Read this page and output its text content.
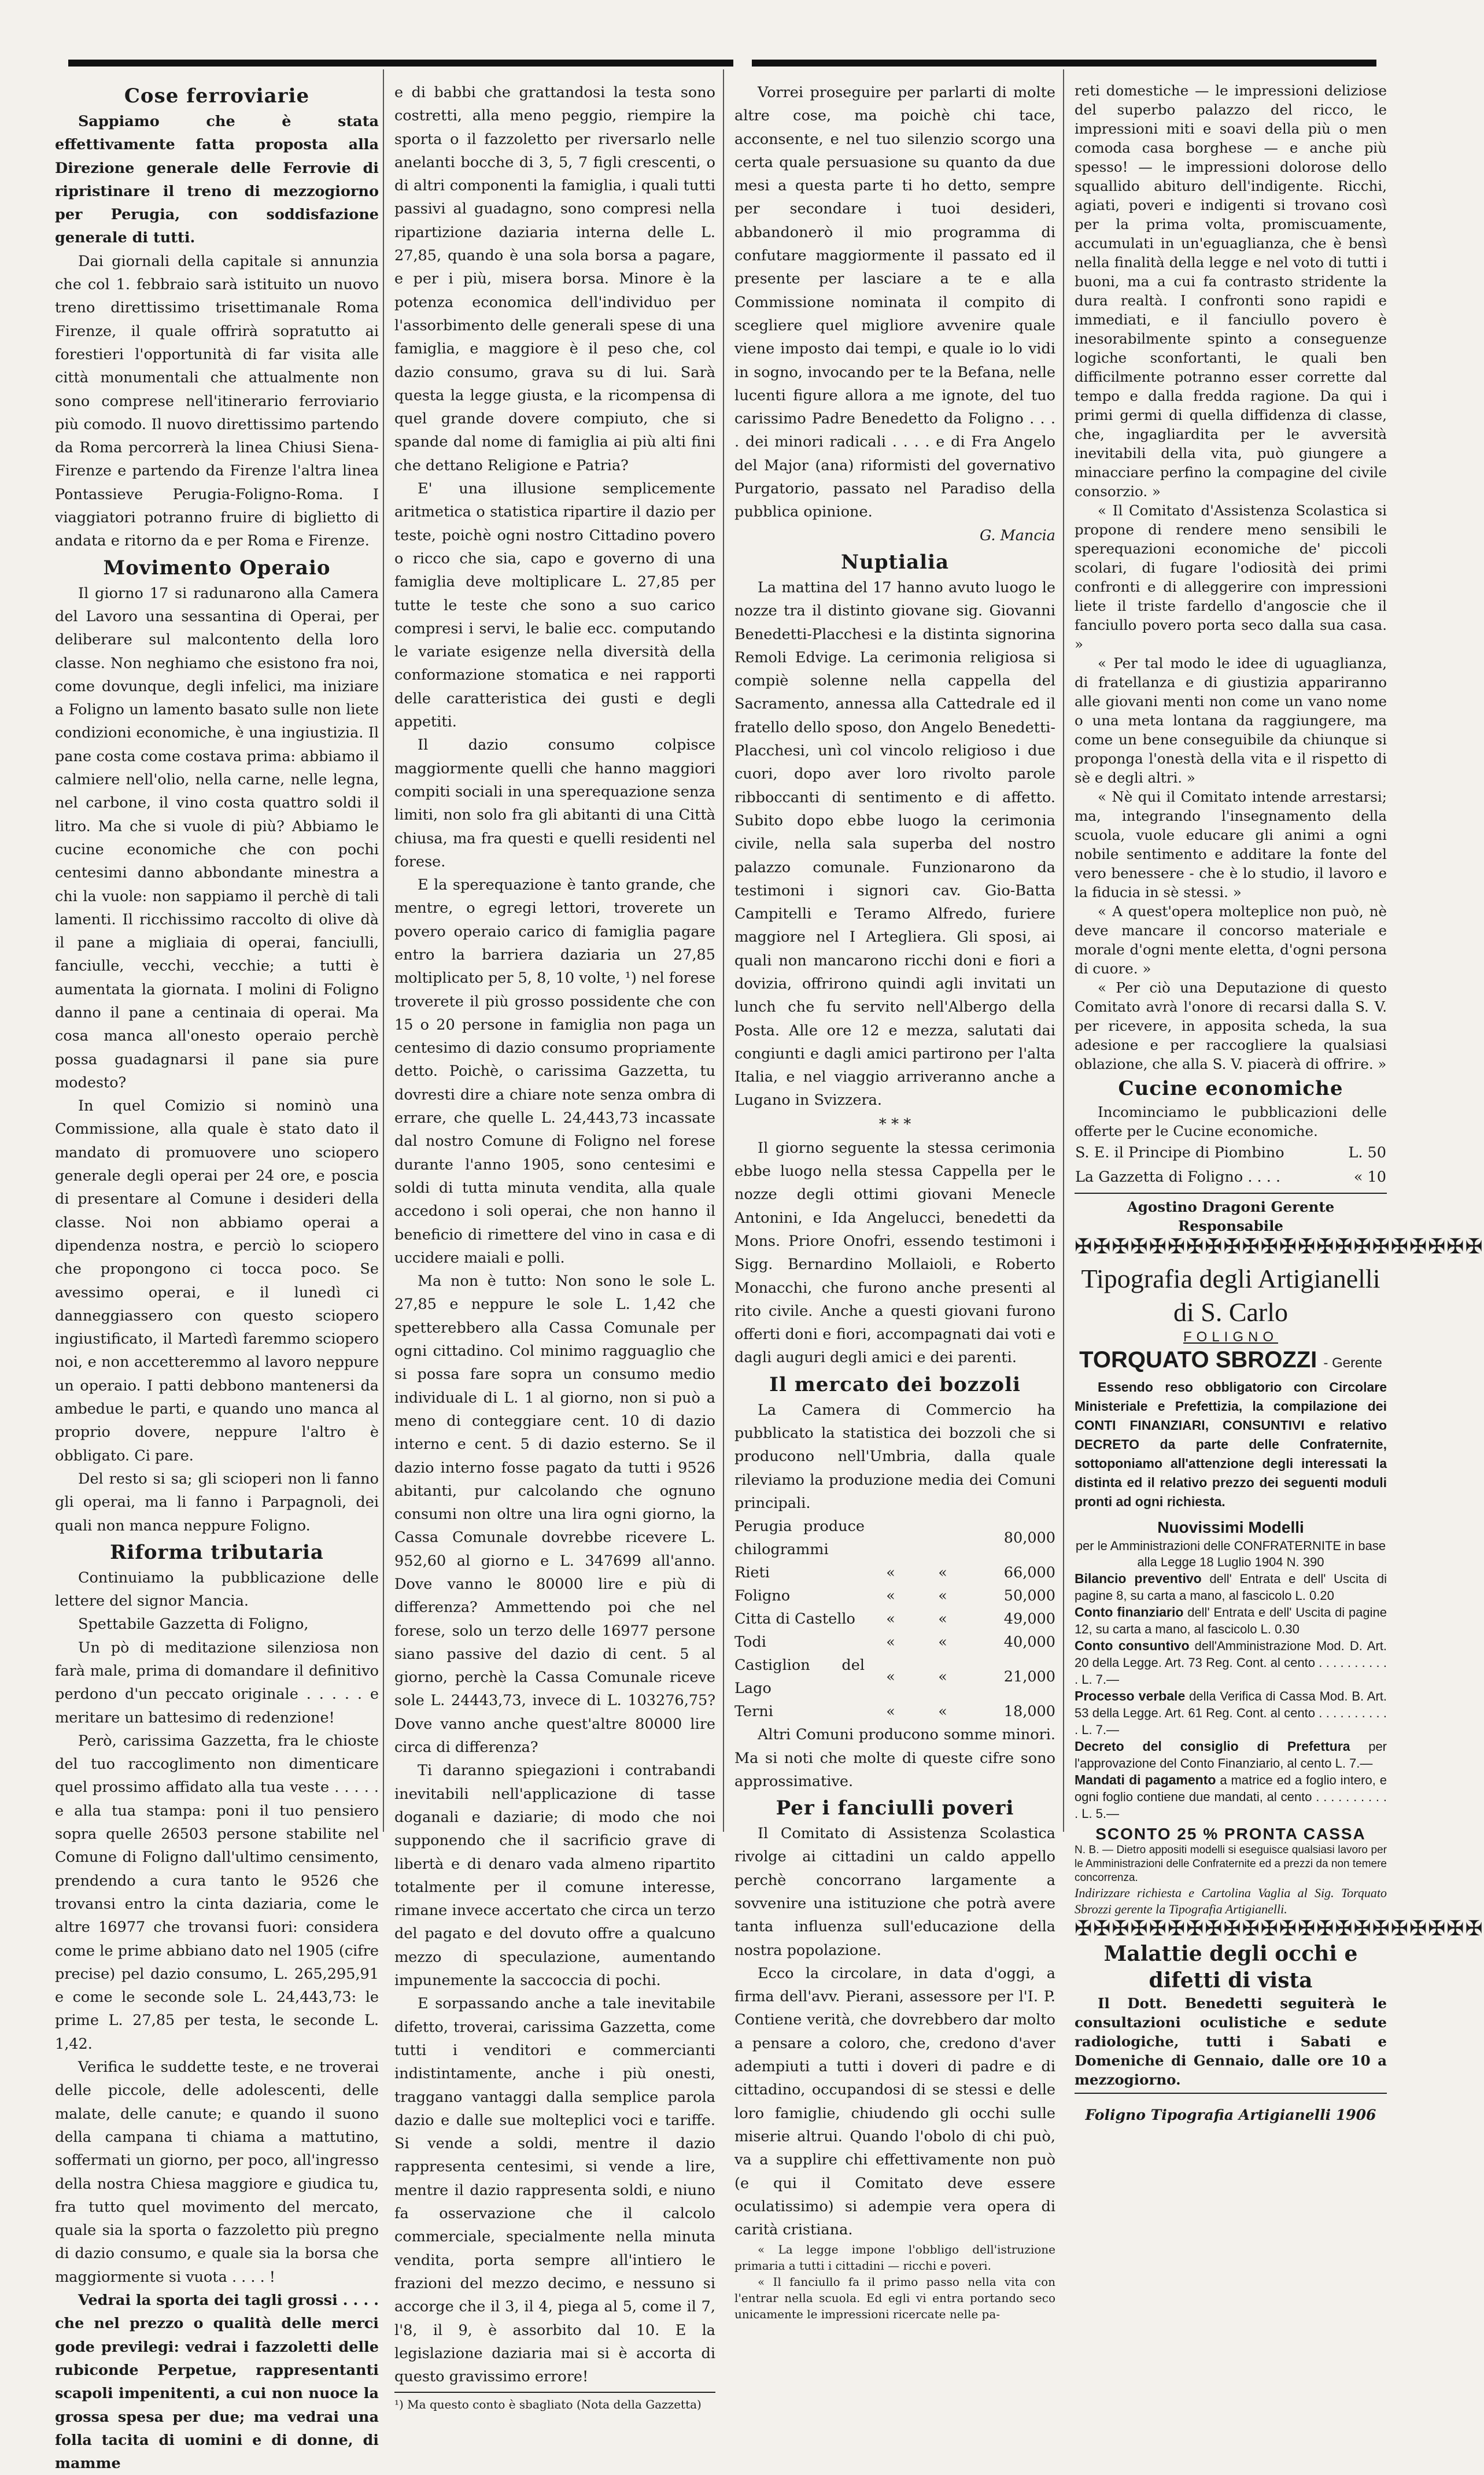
Cose ferroviarie

Sappiamo che è stata effettivamente fatta proposta alla Direzione generale delle Ferrovie di ripristinare il treno di mezzogiorno per Perugia, con soddisfazione generale di tutti.

Dai giornali della capitale si annunzia che col 1. febbraio sarà istituito un nuovo treno direttissimo trisettimanale Roma Firenze, il quale offrirà sopratutto ai forestieri l'opportunità di far visita alle città monumentali che attualmente non sono comprese nell'itinerario ferroviario più comodo. Il nuovo direttissimo partendo da Roma percorrerà la linea Chiusi Siena-Firenze e partendo da Firenze l'altra linea Pontassieve Perugia-Foligno-Roma. I viaggiatori potranno fruire di biglietto di andata e ritorno da e per Roma e Firenze.

Movimento Operaio

Il giorno 17 si radunarono alla Camera del Lavoro una sessantina di Operai, per deliberare sul malcontento della loro classe. Non neghiamo che esistono fra noi, come dovunque, degli infelici, ma iniziare a Foligno un lamento basato sulle non liete condizioni economiche, è una ingiustizia. Il pane costa come costava prima: abbiamo il calmiere nell'olio, nella carne, nelle legna, nel carbone, il vino costa quattro soldi il litro. Ma che si vuole di più? Abbiamo le cucine economiche che con pochi centesimi danno abbondante minestra a chi la vuole: non sappiamo il perchè di tali lamenti. Il ricchissimo raccolto di olive dà il pane a migliaia di operai, fanciulli, fanciulle, vecchi, vecchie; a tutti è aumentata la giornata. I molini di Foligno danno il pane a centinaia di operai. Ma cosa manca all'onesto operaio perchè possa guadagnarsi il pane sia pure modesto?

In quel Comizio si nominò una Commissione, alla quale è stato dato il mandato di promuovere uno sciopero generale degli operai per 24 ore, e poscia di presentare al Comune i desideri della classe. Noi non abbiamo operai a dipendenza nostra, e perciò lo sciopero che propongono ci tocca poco. Se avessimo operai, e il lunedì ci danneggiassero con questo sciopero ingiustificato, il Martedì faremmo sciopero noi, e non accetteremmo al lavoro neppure un operaio. I patti debbono mantenersi da ambedue le parti, e quando uno manca al proprio dovere, neppure l'altro è obbligato. Ci pare.

Del resto si sa; gli scioperi non li fanno gli operai, ma li fanno i Parpagnoli, dei quali non manca neppure Foligno.

Riforma tributaria

Continuiamo la pubblicazione delle lettere del signor Mancia.

Spettabile Gazzetta di Foligno,

Un pò di meditazione silenziosa non farà male, prima di domandare il definitivo perdono d'un peccato originale . . . . . e meritare un battesimo di redenzione!

Però, carissima Gazzetta, fra le chioste del tuo raccoglimento non dimenticare quel prossimo affidato alla tua veste . . . . . e alla tua stampa: poni il tuo pensiero sopra quelle 26503 persone stabilite nel Comune di Foligno dall'ultimo censimento, prendendo a cura tanto le 9526 che trovansi entro la cinta daziaria, come le altre 16977 che trovansi fuori: considera come le prime abbiano dato nel 1905 (cifre precise) pel dazio consumo, L. 265,295,91 e come le seconde sole L. 24,443,73: le prime L. 27,85 per testa, le seconde L. 1,42.

Verifica le suddette teste, e ne troverai delle piccole, delle adolescenti, delle malate, delle canute; e quando il suono della campana ti chiama a mattutino, soffermati un giorno, per poco, all'ingresso della nostra Chiesa maggiore e giudica tu, fra tutto quel movimento del mercato, quale sia la sporta o fazzoletto più pregno di dazio consumo, e quale sia la borsa che maggiormente si vuota . . . . !

Vedrai la sporta dei tagli grossi . . . . che nel prezzo o qualità delle merci gode previlegi: vedrai i fazzoletti delle rubiconde Perpetue, rappresentanti scapoli impenitenti, a cui non nuoce la grossa spesa per due; ma vedrai una folla tacita di uomini e di donne, di mamme

e di babbi che grattandosi la testa sono costretti, alla meno peggio, riempire la sporta o il fazzoletto per riversarlo nelle anelanti bocche di 3, 5, 7 figli crescenti, o di altri componenti la famiglia, i quali tutti passivi al guadagno, sono compresi nella ripartizione daziaria interna delle L. 27,85, quando è una sola borsa a pagare, e per i più, misera borsa. Minore è la potenza economica dell'individuo per l'assorbimento delle generali spese di una famiglia, e maggiore è il peso che, col dazio consumo, grava su di lui. Sarà questa la legge giusta, e la ricompensa di quel grande dovere compiuto, che si spande dal nome di famiglia ai più alti fini che dettano Religione e Patria?

E' una illusione semplicemente aritmetica o statistica ripartire il dazio per teste, poichè ogni nostro Cittadino povero o ricco che sia, capo e governo di una famiglia deve moltiplicare L. 27,85 per tutte le teste che sono a suo carico compresi i servi, le balie ecc. computando le variate esigenze nella diversità della conformazione stomatica e nei rapporti delle caratteristica dei gusti e degli appetiti.

Il dazio consumo colpisce maggiormente quelli che hanno maggiori compiti sociali in una sperequazione senza limiti, non solo fra gli abitanti di una Città chiusa, ma fra questi e quelli residenti nel forese.

E la sperequazione è tanto grande, che mentre, o egregi lettori, troverete un povero operaio carico di famiglia pagare entro la barriera daziaria un 27,85 moltiplicato per 5, 8, 10 volte, ¹) nel forese troverete il più grosso possidente che con 15 o 20 persone in famiglia non paga un centesimo di dazio consumo propriamente detto. Poichè, o carissima Gazzetta, tu dovresti dire a chiare note senza ombra di errare, che quelle L. 24,443,73 incassate dal nostro Comune di Foligno nel forese durante l'anno 1905, sono centesimi e soldi di tutta minuta vendita, alla quale accedono i soli operai, che non hanno il beneficio di rimettere del vino in casa e di uccidere maiali e polli.

Ma non è tutto: Non sono le sole L. 27,85 e neppure le sole L. 1,42 che spetterebbero alla Cassa Comunale per ogni cittadino. Col minimo ragguaglio che si possa fare sopra un consumo medio individuale di L. 1 al giorno, non si può a meno di conteggiare cent. 10 di dazio interno e cent. 5 di dazio esterno. Se il dazio interno fosse pagato da tutti i 9526 abitanti, pur calcolando che ognuno consumi non oltre una lira ogni giorno, la Cassa Comunale dovrebbe ricevere L. 952,60 al giorno e L. 347699 all'anno. Dove vanno le 80000 lire e più di differenza? Ammettendo poi che nel forese, solo un terzo delle 16977 persone siano passive del dazio di cent. 5 al giorno, perchè la Cassa Comunale riceve sole L. 24443,73, invece di L. 103276,75? Dove vanno anche quest'altre 80000 lire circa di differenza?

Ti daranno spiegazioni i contrabandi inevitabili nell'applicazione di tasse doganali e daziarie; di modo che noi supponendo che il sacrificio grave di libertà e di denaro vada almeno ripartito totalmente per il comune interesse, rimane invece accertato che circa un terzo del pagato e del dovuto offre a qualcuno mezzo di speculazione, aumentando impunemente la saccoccia di pochi.

E sorpassando anche a tale inevitabile difetto, troverai, carissima Gazzetta, come tutti i venditori e commercianti indistintamente, anche i più onesti, traggano vantaggi dalla semplice parola dazio e dalle sue molteplici voci e tariffe. Si vende a soldi, mentre il dazio rappresenta centesimi, si vende a lire, mentre il dazio rappresenta soldi, e niuno fa osservazione che il calcolo commerciale, specialmente nella minuta vendita, porta sempre all'intiero le frazioni del mezzo decimo, e nessuno si accorge che il 3, il 4, piega al 5, come il 7, l'8, il 9, è assorbito dal 10. E la legislazione daziaria mai si è accorta di questo gravissimo errore!

¹) Ma questo conto è sbagliato (Nota della Gazzetta)

Vorrei proseguire per parlarti di molte altre cose, ma poichè chi tace, acconsente, e nel tuo silenzio scorgo una certa quale persuasione su quanto da due mesi a questa parte ti ho detto, sempre per secondare i tuoi desideri, abbandonerò il mio programma di confutare maggiormente il passato ed il presente per lasciare a te e alla Commissione nominata il compito di scegliere quel migliore avvenire quale viene imposto dai tempi, e quale io lo vidi in sogno, invocando per te la Befana, nelle lucenti figure allora a me ignote, del tuo carissimo Padre Benedetto da Foligno . . . . dei minori radicali . . . . e di Fra Angelo del Major (ana) riformisti del governativo Purgatorio, passato nel Paradiso della pubblica opinione.

G. Mancia

Nuptialia

La mattina del 17 hanno avuto luogo le nozze tra il distinto giovane sig. Giovanni Benedetti-Placchesi e la distinta signorina Remoli Edvige. La cerimonia religiosa si compiè solenne nella cappella del Sacramento, annessa alla Cattedrale ed il fratello dello sposo, don Angelo Benedetti-Placchesi, unì col vincolo religioso i due cuori, dopo aver loro rivolto parole ribboccanti di sentimento e di affetto. Subito dopo ebbe luogo la cerimonia civile, nella sala superba del nostro palazzo comunale. Funzionarono da testimoni i signori cav. Gio-Batta Campitelli e Teramo Alfredo, furiere maggiore nel I Artegliera. Gli sposi, ai quali non mancarono ricchi doni e fiori a dovizia, offrirono quindi agli invitati un lunch che fu servito nell'Albergo della Posta. Alle ore 12 e mezza, salutati dai congiunti e dagli amici partirono per l'alta Italia, e nel viaggio arriveranno anche a Lugano in Svizzera.

* * *

Il giorno seguente la stessa cerimonia ebbe luogo nella stessa Cappella per le nozze degli ottimi giovani Menecle Antonini, e Ida Angelucci, benedetti da Mons. Priore Onofri, essendo testimoni i Sigg. Bernardino Mollaioli, e Roberto Monacchi, che furono anche presenti al rito civile. Anche a questi giovani furono offerti doni e fiori, accompagnati dai voti e dagli auguri degli amici e dei parenti.

Il mercato dei bozzoli

La Camera di Commercio ha pubblicato la statistica dei bozzoli che si producono nell'Umbria, dalla quale rileviamo la produzione media dei Comuni principali.

Perugia produce chilogrammi			80,000
Rieti	«	«	66,000
Foligno	«	«	50,000
Citta di Castello	«	«	49,000
Todi	«	«	40,000
Castiglion del Lago	«	«	21,000
Terni	«	«	18,000

Altri Comuni producono somme minori. Ma si noti che molte di queste cifre sono approssimative.

Per i fanciulli poveri

Il Comitato di Assistenza Scolastica rivolge ai cittadini un caldo appello perchè concorrano largamente a sovvenire una istituzione che potrà avere tanta influenza sull'educazione della nostra popolazione.

Ecco la circolare, in data d'oggi, a firma dell'avv. Pierani, assessore per l'I. P. Contiene verità, che dovrebbero dar molto a pensare a coloro, che, credono d'aver adempiuti a tutti i doveri di padre e di cittadino, occupandosi di se stessi e delle loro famiglie, chiudendo gli occhi sulle miserie altrui. Quando l'obolo di chi può, va a supplire chi effettivamente non può (e qui il Comitato deve essere oculatissimo) si adempie vera opera di carità cristiana.

« La legge impone l'obbligo dell'istruzione primaria a tutti i cittadini — ricchi e poveri.

« Il fanciullo fa il primo passo nella vita con l'entrar nella scuola. Ed egli vi entra portando seco unicamente le impressioni ricercate nelle pa-

reti domestiche — le impressioni deliziose del superbo palazzo del ricco, le impressioni miti e soavi della più o men comoda casa borghese — e anche più spesso! — le impressioni dolorose dello squallido abituro dell'indigente. Ricchi, agiati, poveri e indigenti si trovano così per la prima volta, promiscuamente, accumulati in un'eguaglianza, che è bensì nella finalità della legge e nel voto di tutti i buoni, ma a cui fa contrasto stridente la dura realtà. I confronti sono rapidi e immediati, e il fanciullo povero è inesorabilmente spinto a conseguenze logiche sconfortanti, le quali ben difficilmente potranno esser corrette dal tempo e dalla fredda ragione. Da qui i primi germi di quella diffidenza di classe, che, ingagliardita per le avversità inevitabili della vita, può giungere a minacciare perfino la compagine del civile consorzio. »

« Il Comitato d'Assistenza Scolastica si propone di rendere meno sensibili le sperequazioni economiche de' piccoli scolari, di fugare l'odiosità dei primi confronti e di alleggerire con impressioni liete il triste fardello d'angoscie che il fanciullo povero porta seco dalla sua casa. »

« Per tal modo le idee di uguaglianza, di fratellanza e di giustizia appariranno alle giovani menti non come un vano nome o una meta lontana da raggiungere, ma come un bene conseguibile da chiunque si proponga l'onestà della vita e il rispetto di sè e degli altri. »

« Nè qui il Comitato intende arrestarsi; ma, integrando l'insegnamento della scuola, vuole educare gli animi a ogni nobile sentimento e additare la fonte del vero benessere - che è lo studio, il lavoro e la fiducia in sè stessi. »

« A quest'opera molteplice non può, nè deve mancare il concorso materiale e morale d'ogni mente eletta, d'ogni persona di cuore. »

« Per ciò una Deputazione di questo Comitato avrà l'onore di recarsi dalla S. V. per ricevere, in apposita scheda, la sua adesione e per raccogliere la qualsiasi oblazione, che alla S. V. piacerà di offrire. »

Cucine economiche

Incominciamo le pubblicazioni delle offerte per le Cucine economiche.

S. E. il Principe di Piombino	L. 50
La Gazzetta di Foligno . . . .	« 10

Agostino Dragoni Gerente Responsabile

✠✠✠✠✠✠✠✠✠✠✠✠✠✠✠✠✠✠✠✠✠✠
Tipografia degli Artigianelli di S. Carlo
FOLIGNO
TORQUATO SBROZZI - Gerente

Essendo reso obbligatorio con Circolare Ministeriale e Prefettizia, la compilazione dei CONTI FINANZIARI, CONSUNTIVI e relativo DECRETO da parte delle Confraternite, sottoponiamo all'attenzione degli interessati la distinta ed il relativo prezzo dei seguenti moduli pronti ad ogni richiesta.

Nuovissimi Modelli
per le Amministrazioni delle CONFRATERNITE in base alla Legge 18 Luglio 1904 N. 390
Bilancio preventivo dell' Entrata e dell' Uscita di pagine 8, su carta a mano, al fascicolo L. 0.20
Conto finanziario dell' Entrata e dell' Uscita di pagine 12, su carta a mano, al fascicolo L. 0.30
Conto consuntivo dell'Amministrazione Mod. D. Art. 20 della Legge. Art. 73 Reg. Cont. al cento . . . . . . . . . . . L. 7.—
Processo verbale della Verifica di Cassa Mod. B. Art. 53 della Legge. Art. 61 Reg. Cont. al cento . . . . . . . . . . . L. 7.—
Decreto del consiglio di Prefettura per l'approvazione del Conto Finanziario, al cento L. 7.—
Mandati di pagamento a matrice ed a foglio intero, e ogni foglio contiene due mandati, al cento . . . . . . . . . . . L. 5.—
SCONTO 25 % PRONTA CASSA

N. B. — Dietro appositi modelli si eseguisce qualsiasi lavoro per le Amministrazioni delle Confraternite ed a prezzi da non temere concorrenza.

Indirizzare richiesta e Cartolina Vaglia al Sig. Torquato Sbrozzi gerente la Tipografia Artigianelli.

✠✠✠✠✠✠✠✠✠✠✠✠✠✠✠✠✠✠✠✠✠✠
Malattie degli occhi e difetti di vista

Il Dott. Benedetti seguiterà le consultazioni oculistiche e sedute radiologiche, tutti i Sabati e Domeniche di Gennaio, dalle ore 10 a mezzogiorno.

Foligno Tipografia Artigianelli 1906
